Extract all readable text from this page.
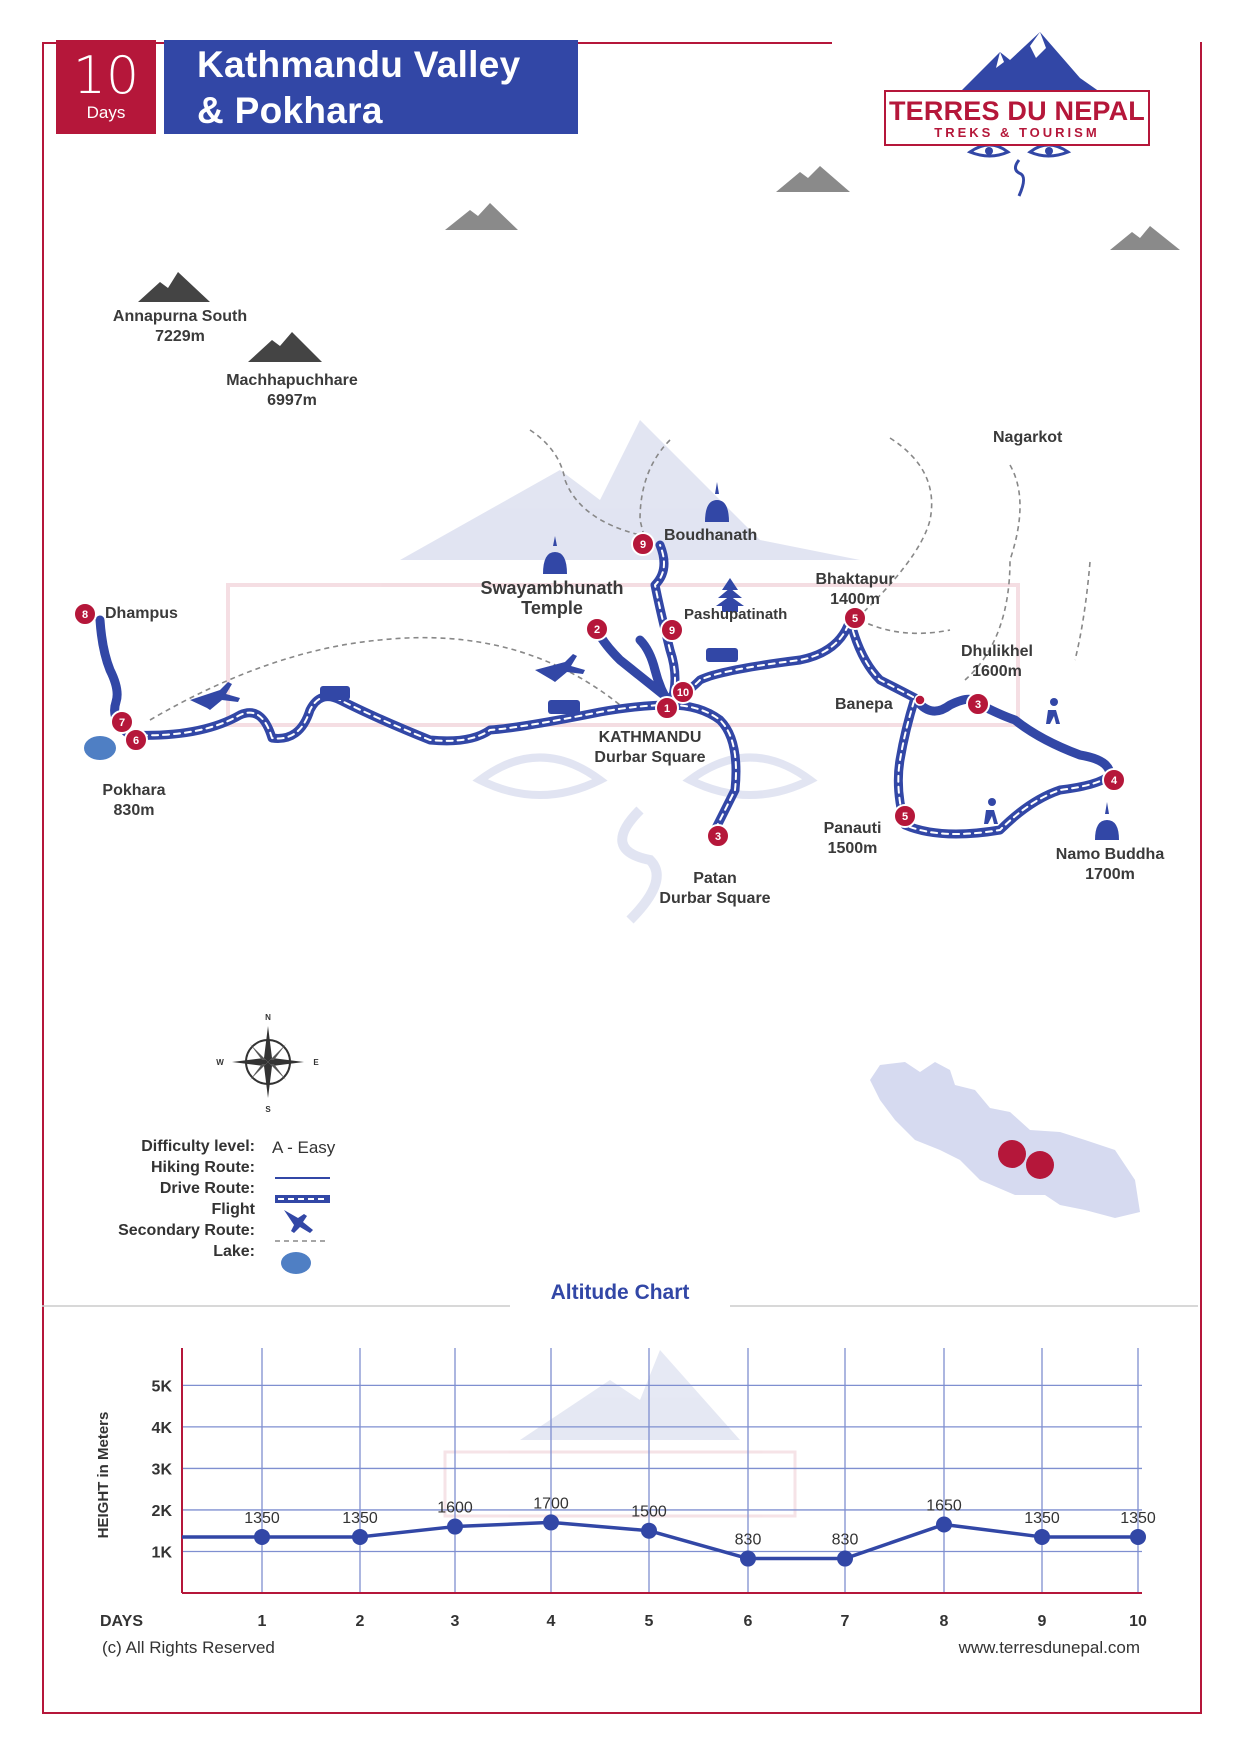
10
Days
Kathmandu Valley
& Pokhara	TERRES DU NEPAL
TREKS & TOURISM
8
7
6
2
9
9
10
1
3
5
3
4
5
N
S
E
W
Annapurna South
7229m
Machhapuchhare
6997m
Dhampus
Pokhara
830m
Swayambhunath
Temple
Boudhanath
Pashupatinath
KATHMANDU
Durbar Square
Patan
Durbar Square
Bhaktapur
1400m
Nagarkot
Dhulikhel
1600m
Banepa
Panauti
1500m	Namo Buddha
1700m
Difficulty level: A - Easy
Hiking Route:
Drive Route:
Flight
Secondary Route:
Lake:
Altitude Chart
1K
2K
3K
4K
5K
1	2	3	4	5	6	7	8	9	10
1350	1350
1600	1700	1500
830	830
1650
1350	1350
DAYS
HEIGHT in Meters
(c) All Rights Reserved	www.terresdunepal.com
